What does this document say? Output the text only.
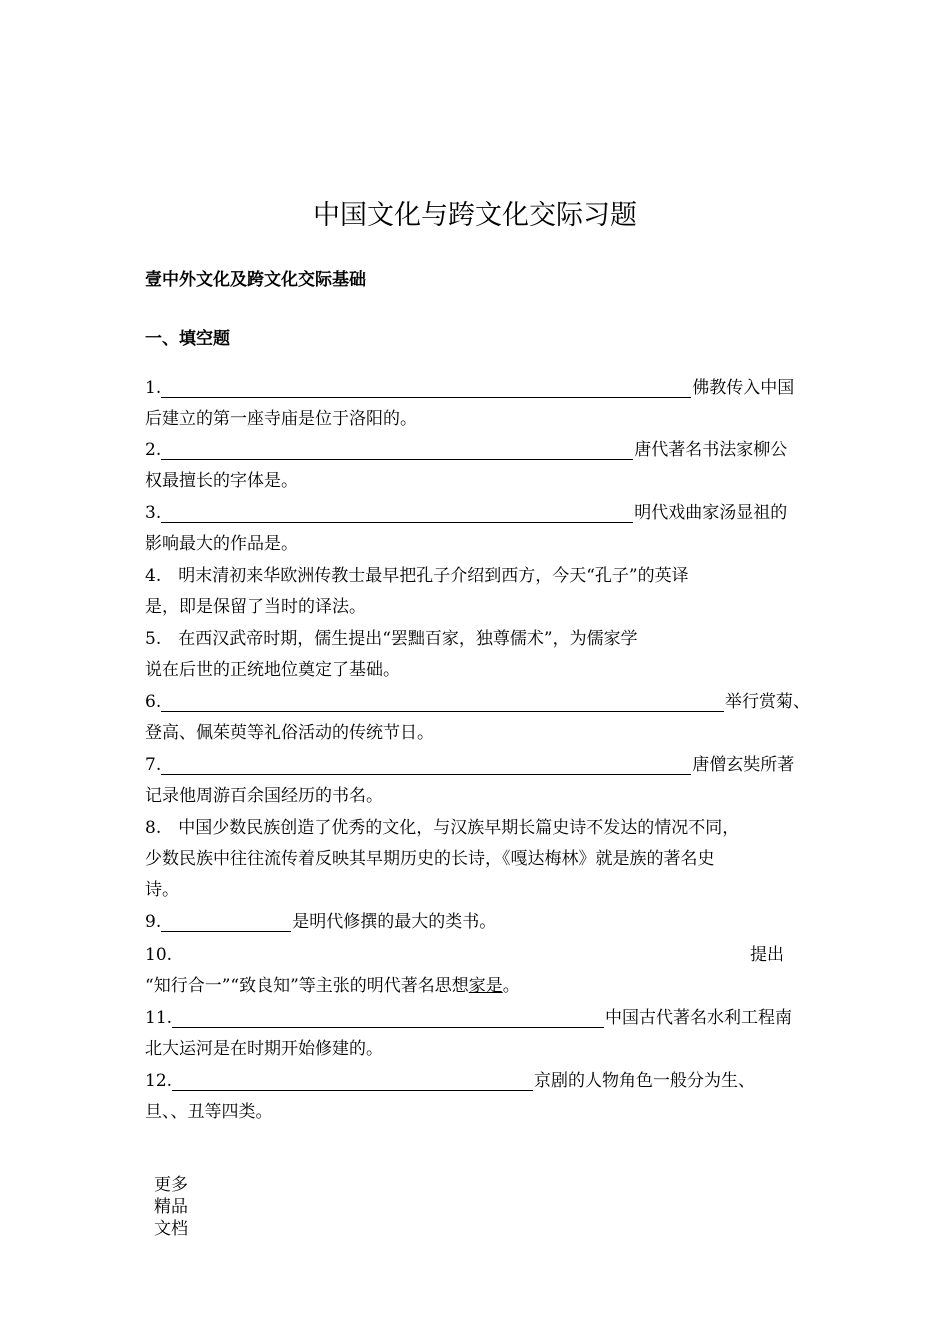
中国文化与跨文化交际习题
壹中外文化及跨文化交际基础
一、填空题
1.	佛教传入中国
后建立的第一座寺庙是位于洛阳的。
2.	唐代著名书法家柳公
权最擅长的字体是。
3.	明代戏曲家汤显祖的
影响最大的作品是。
4.　明末清初来华欧洲传教士最早把孔子介绍到西方，今天“孔子”的英译
是，即是保留了当时的译法。
5.　在西汉武帝时期，儒生提出“罢黜百家，独尊儒术”，为儒家学
说在后世的正统地位奠定了基础。
6.	举行赏菊、
登高、佩茱萸等礼俗活动的传统节日。
7.	唐僧玄奘所著
记录他周游百余国经历的书名。
8.　中国少数民族创造了优秀的文化，与汉族早期长篇史诗不发达的情况不同，
少数民族中往往流传着反映其早期历史的长诗，《嘎达梅林》就是族的著名史
诗。
9.	是明代修撰的最大的类书。
10.	提出
“知行合一”“致良知”等主张的明代著名思想 家是 。
11.	中国古代著名水利工程南
北大运河是在时期开始修建的。
12.	京剧的人物角色一般分为生、
旦、、丑等四类。
更多
精品
文档
